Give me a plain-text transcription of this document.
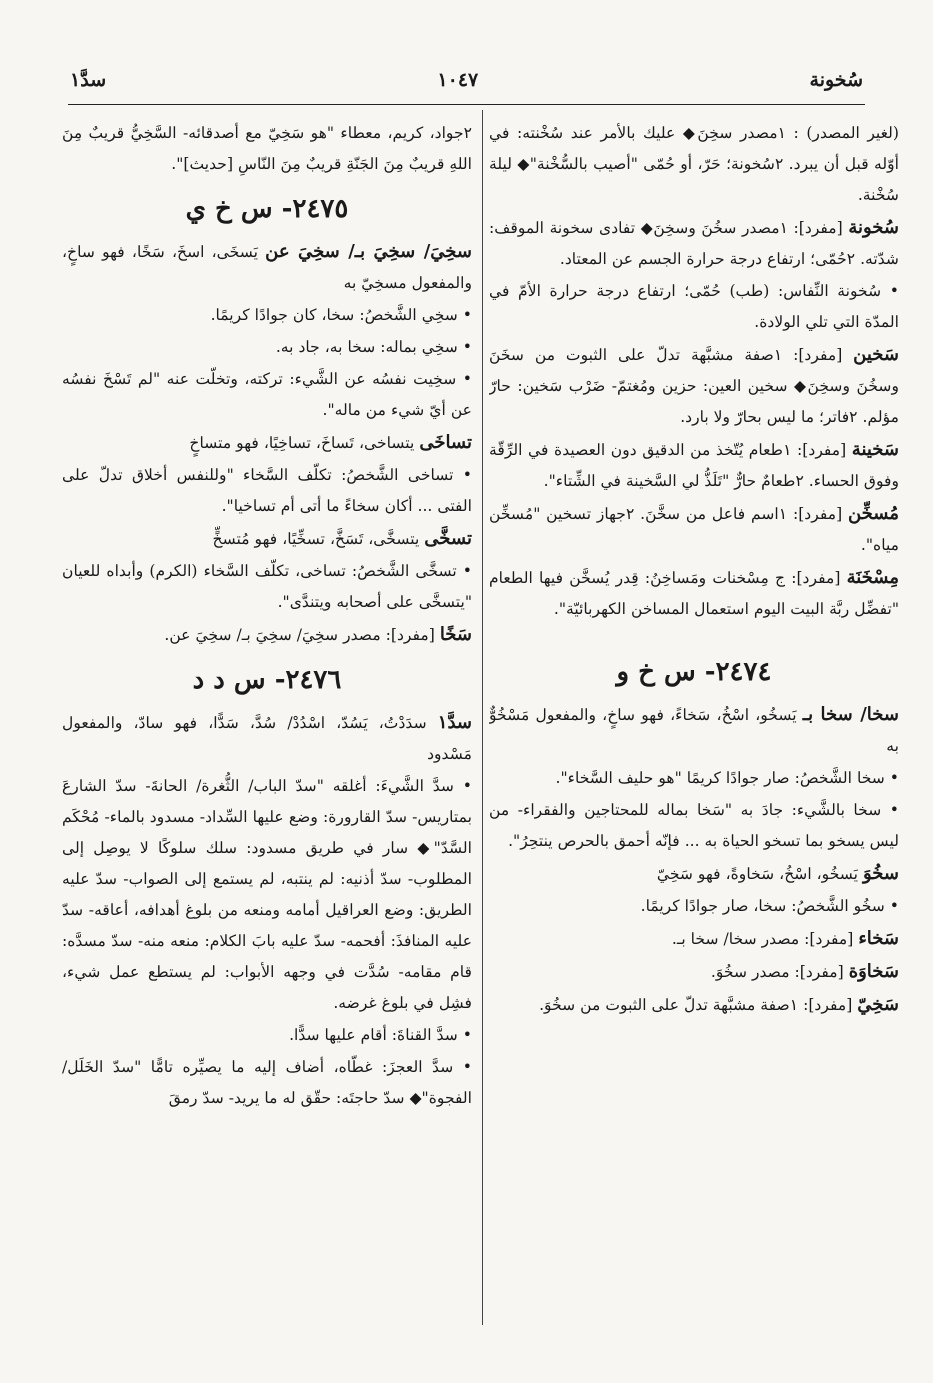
سُخونة
١٠٤٧
سدَّ١

(لغير المصدر) : ١مصدر سخِنَ◆ عليك بالأمر عند سُخْنته: في أوّله قبل أن يبرد. ٢سُخونة؛ حَرّ، أو حُمّى "أصيب بالسُّخْنة"◆ ليلة سُخْنة.

سُخونة [مفرد]: ١مصدر سخُنَ وسخِنَ◆ تفادى سخونة الموقف: شدّته. ٢حُمّى؛ ارتفاع درجة حرارة الجسم عن المعتاد.

• سُخونة النِّفاس: (طب) حُمّى؛ ارتفاع درجة حرارة الأمّ في المدّة التي تلي الولادة.

سَخين [مفرد]: ١صفة مشبَّهة تدلّ على الثبوت من سخَنَ وسخُنَ وسخِنَ◆ سخين العين: حزين ومُغتمّ- ضَرْب سَخين: حارّ مؤلم. ٢فاتر؛ ما ليس بحارّ ولا بارد.

سَخينة [مفرد]: ١طعام يُتّخذ من الدقيق دون العصيدة في الرِّقّة وفوق الحساء. ٢طعامٌ حارٌّ "تَلَذُّ لي السَّخينة في الشِّتاء".

مُسخِّن [مفرد]: ١اسم فاعل من سخَّنَ. ٢جهاز تسخين "مُسخِّن مياه".

مِسْخَنَة [مفرد]: ج مِسْخنات ومَساخِنُ: قِدر يُسخَّن فيها الطعام "تفضِّل ربَّة البيت اليوم استعمال المساخن الكهربائيّة".

٢٤٧٤- س خ و

سخا/ سخا بـ يَسخُو، اسْخُ، سَخاءً، فهو ساخٍ، والمفعول مَسْخُوٌّ به

• سخا الشَّخصُ: صار جوادًا كريمًا "هو حليف السَّخاء".

• سخا بالشَّيء: جادَ به "سَخا بماله للمحتاجين والفقراء- من ليس يسخو بما تسخو الحياة به ... فإنّه أحمق بالحرص ينتحِرُ".

سخُوَ يَسخُو، اسْخُ، سَخاوةً، فهو سَخِيّ

• سخُو الشَّخصُ: سخا، صار جوادًا كريمًا.

سَخاء [مفرد]: مصدر سخا/ سخا بـ.

سَخاوَة [مفرد]: مصدر سخُوَ.

سَخِيّ [مفرد]: ١صفة مشبَّهة تدلّ على الثبوت من سخُوَ.

٢جواد، كريم، معطاء "هو سَخِيّ مع أصدقائه- السَّخِيُّ قريبٌ مِنَ اللهِ قريبٌ مِنَ الجَنّةِ قريبٌ مِنَ النّاسِ [حديث]".

٢٤٧٥- س خ ي

سخِيَ/ سخِيَ بـ/ سخِيَ عن يَسخَى، اسخَ، سَخًا، فهو ساخٍ، والمفعول مسخِيّ به

• سخِي الشَّخصُ: سخا، كان جوادًا كريمًا.

• سخِي بماله: سخا به، جاد به.

• سخِيت نفسُه عن الشَّيء: تركته، وتخلّت عنه "لم تَسْخَ نفسُه عن أيّ شيء من ماله".

تساخَى يتساخى، تَساخَ، تساخِيًا، فهو متساخٍ

• تساخى الشَّخصُ: تكلّف السَّخاء "وللنفس أخلاق تدلّ على الفتى ... أكان سخاءً ما أتى أم تساخيا".

تسخَّى يتسخَّى، تَسَخَّ، تسخِّيًا، فهو مُتسخٍّ

• تسخَّى الشَّخصُ: تساخى، تكلّف السَّخاء (الكرم) وأبداه للعيان "يتسخَّى على أصحابه ويتندَّى".

سَخًا [مفرد]: مصدر سخِيَ/ سخِيَ بـ/ سخِيَ عن.

٢٤٧٦- س د د

سدَّ١ سدَدْتُ، يَسُدّ، اسْدُدْ/ سُدَّ، سَدًّا، فهو سادّ، والمفعول مَسْدود

• سدَّ الشَّيءَ: أغلقه "سدّ الباب/ الثُّغرة/ الحانةَ- سدّ الشارعَ بمتاريس- سدّ القارورة: وضع عليها السِّداد- مسدود بالماء- مُحْكَم السَّدّ"◆ سار في طريق مسدود: سلك سلوكًا لا يوصِل إلى المطلوب- سدّ أذنيه: لم ينتبه، لم يستمع إلى الصواب- سدّ عليه الطريق: وضع العراقيل أمامه ومنعه من بلوغ أهدافه، أعاقه- سدّ عليه المنافذَ: أفحمه- سدّ عليه بابَ الكلام: منعه منه- سدّ مسدَّه: قام مقامه- سُدَّت في وجهه الأبواب: لم يستطع عمل شيء، فشِل في بلوغ غرضه.

• سدَّ القناةَ: أقام عليها سدًّا.

• سدَّ العجزَ: غطّاه، أضاف إليه ما يصيِّره تامًّا "سدّ الخَلَل/ الفجوة"◆ سدّ حاجتَه: حقّق له ما يريد- سدّ رمقَ
